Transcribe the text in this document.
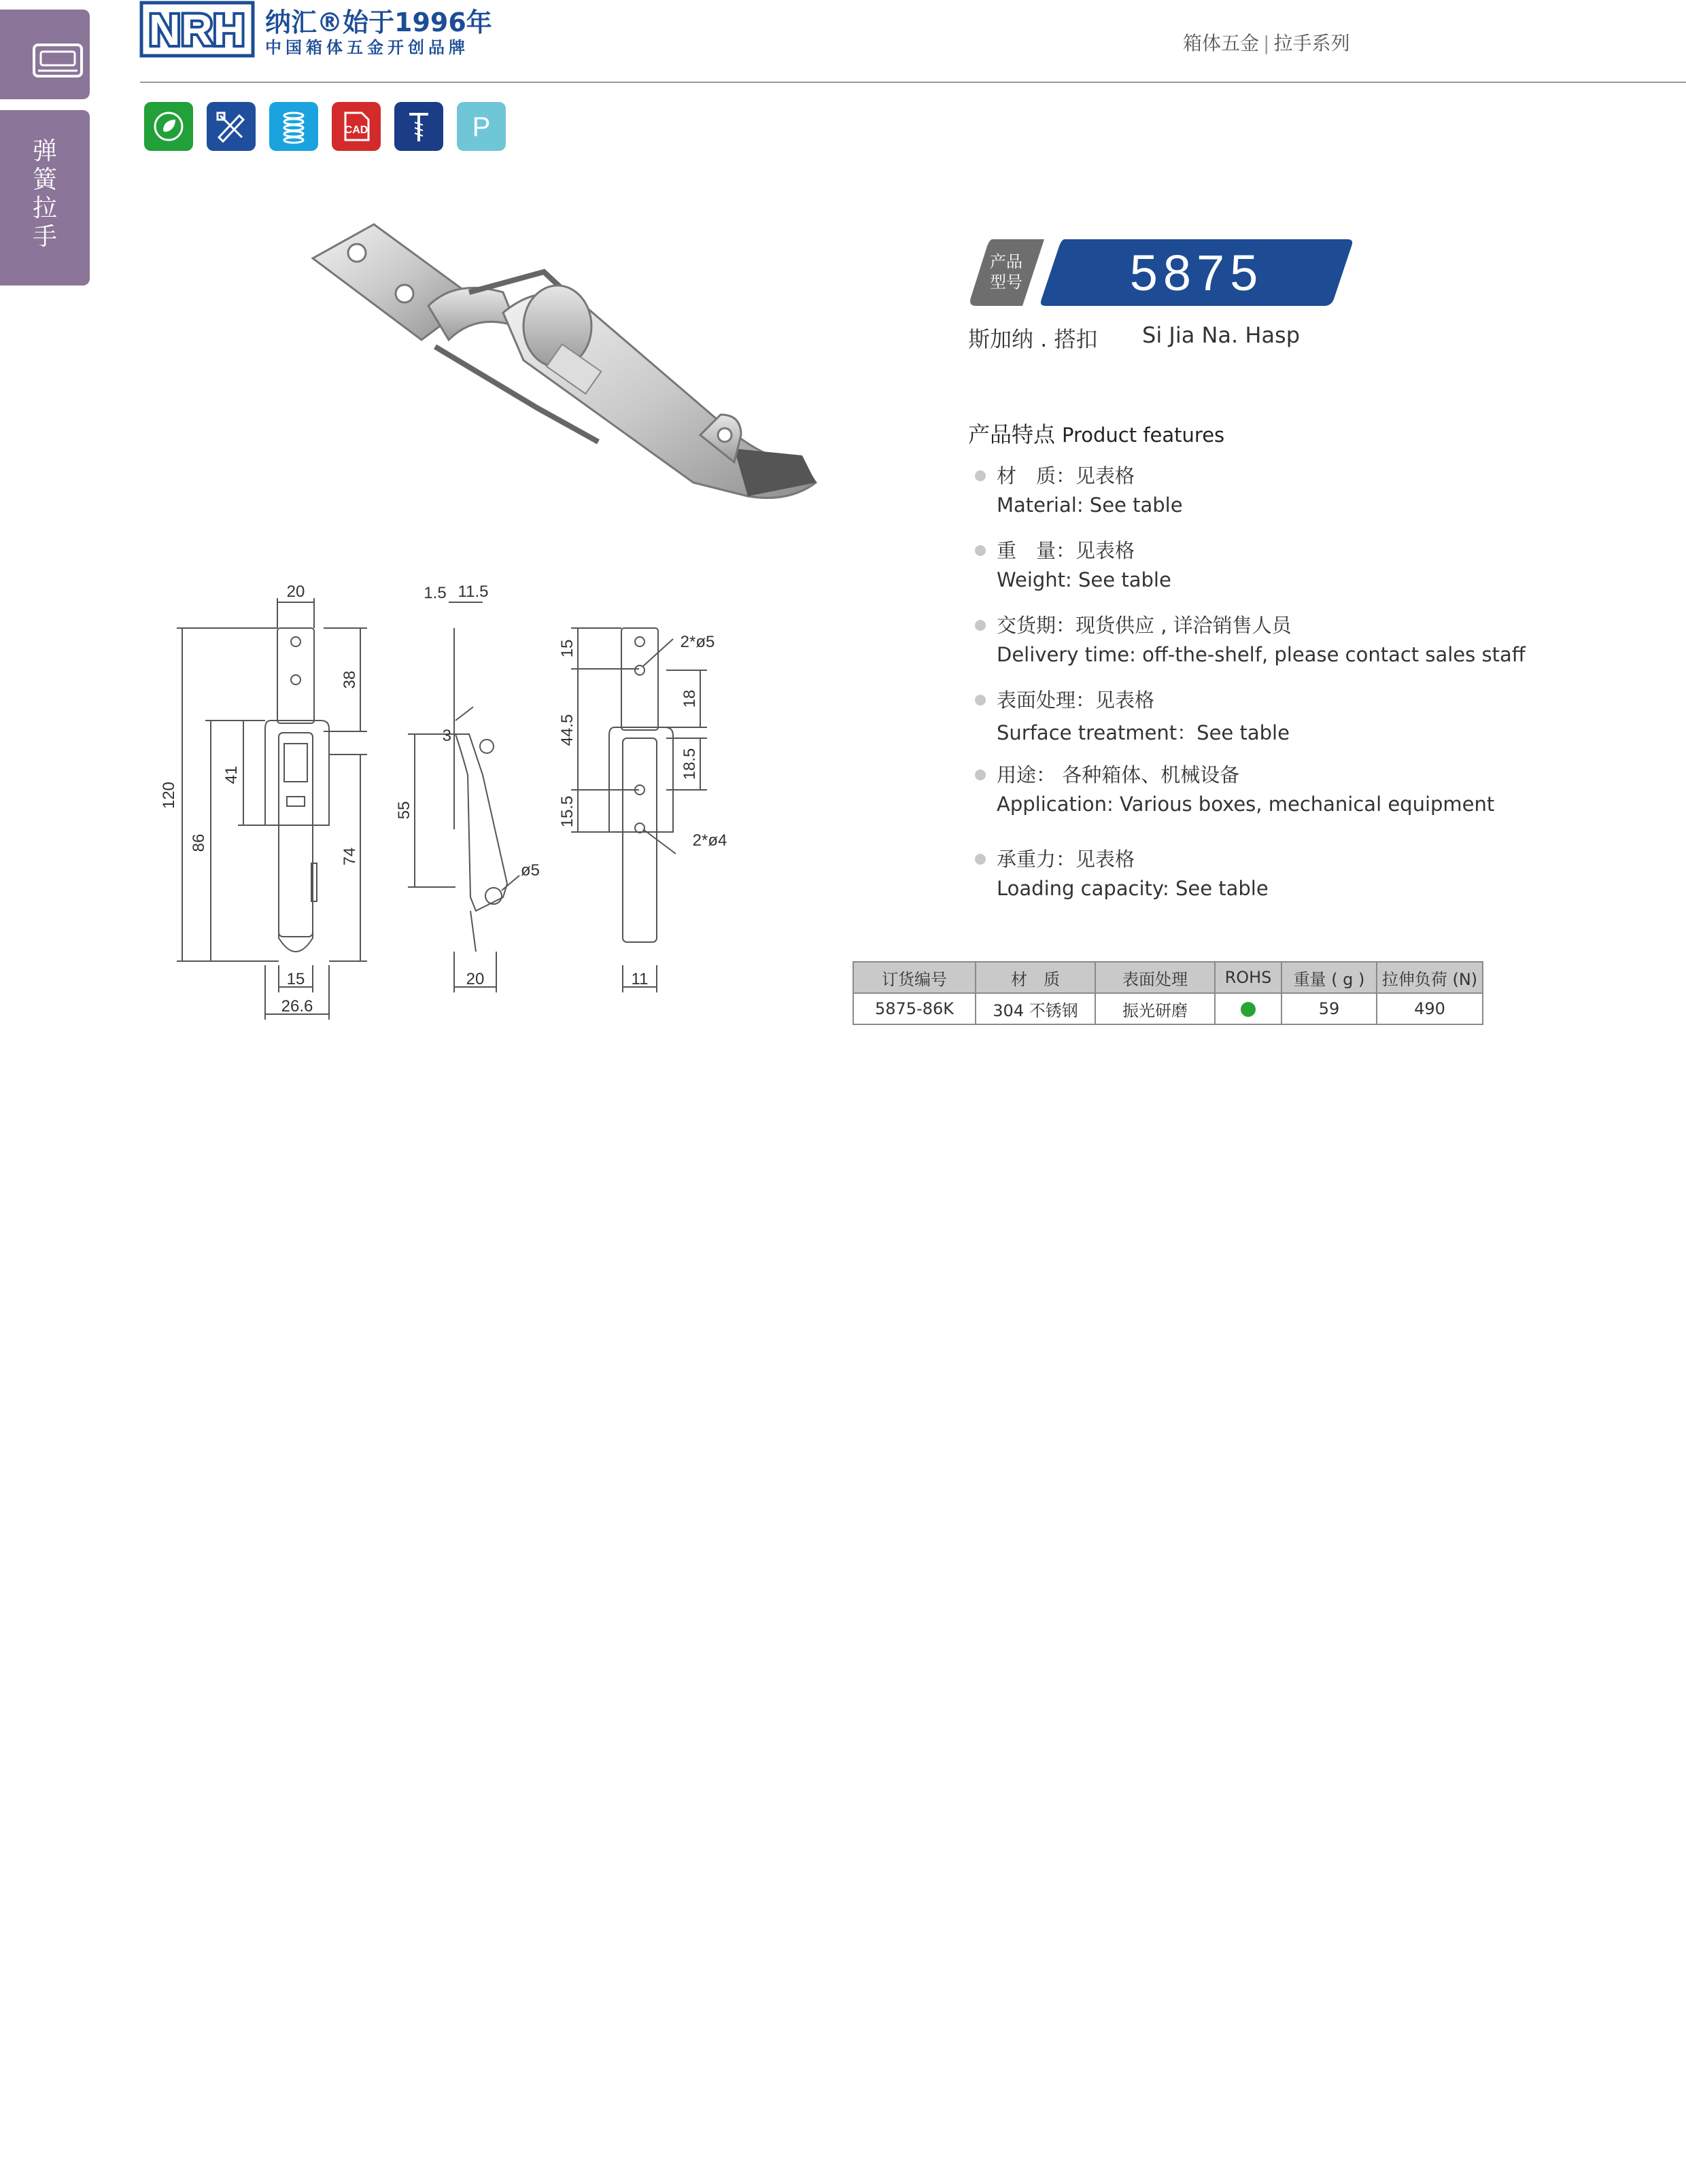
弹
簧
拉
手
NRH 纳汇®始于1996年
中国箱体五金开创品牌	箱体五金 | 拉手系列
CAD	P
20
38
41
120
86
74
15
26.6
1.5 11.5
3
55
ø5
20
15	2*ø5
18
44.5
18.5
15.5
2*ø4
11
产品
型号	5875
斯加纳 . 搭扣 Si Jia Na. Hasp
产品特点 Product features
材　质：见表格
Material: See table
重　量：见表格
Weight: See table
交货期：现货供应 , 详洽销售人员
Delivery time: off-the-shelf, please contact sales staff
表面处理：见表格
Surface treatment：See table
用途： 各种箱体、机械设备
Application: Various boxes, mechanical equipment
承重力：见表格
Loading capacity: See table
订货编号	材　质	表面处理	ROHS	重量 ( g )	拉伸负荷 (N)
5875-86K	304 不锈钢	振光研磨		59	490
